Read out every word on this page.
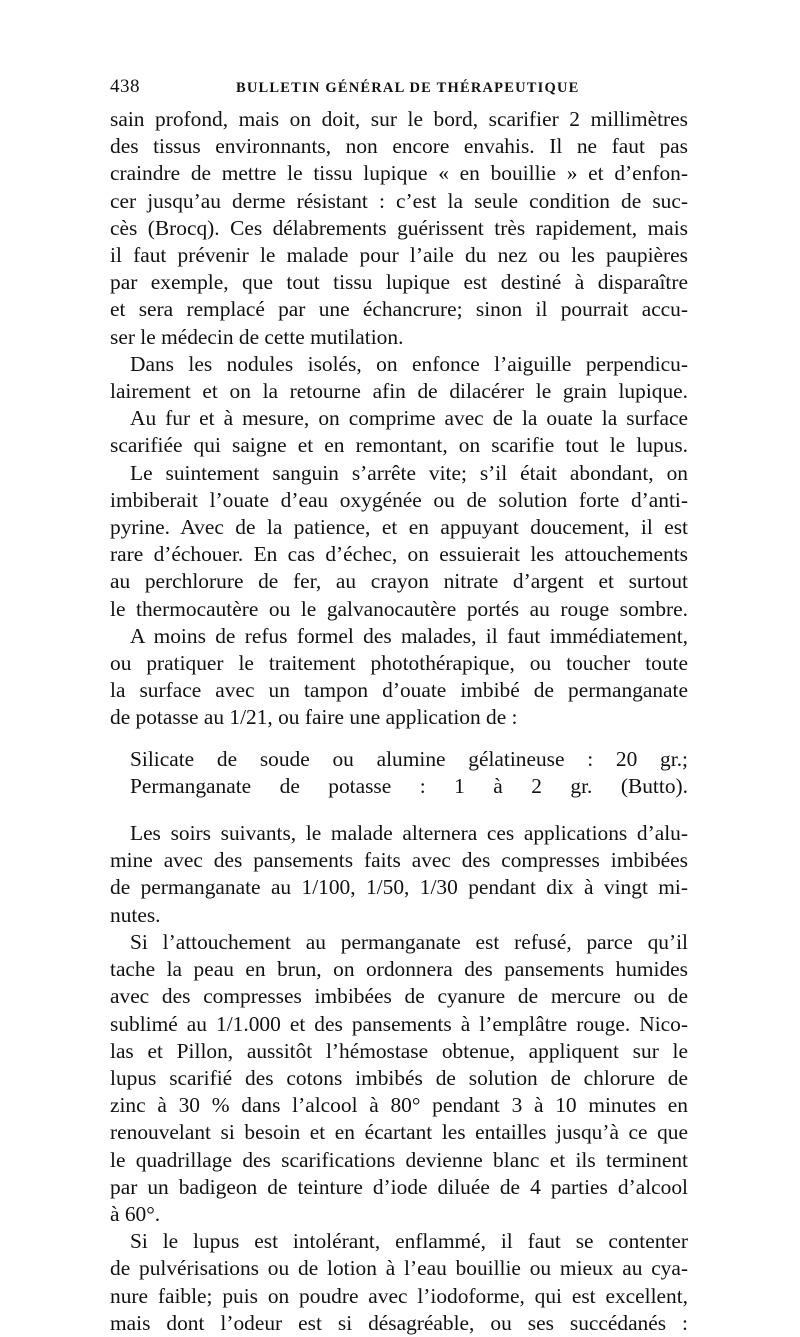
438	BULLETIN GÉNÉRAL DE THÉRAPEUTIQUE

sain profond, mais on doit, sur le bord, scarifier 2 millimètres
des tissus environnants, non encore envahis. Il ne faut pas
craindre de mettre le tissu lupique « en bouillie » et d’enfon-
cer jusqu’au derme résistant : c’est la seule condition de suc-
cès (Brocq). Ces délabrements guérissent très rapidement, mais
il faut prévenir le malade pour l’aile du nez ou les paupières
par exemple, que tout tissu lupique est destiné à disparaître
et sera remplacé par une échancrure; sinon il pourrait accu-
ser le médecin de cette mutilation.

Dans les nodules isolés, on enfonce l’aiguille perpendicu-
lairement et on la retourne afin de dilacérer le grain lupique.

Au fur et à mesure, on comprime avec de la ouate la surface
scarifiée qui saigne et en remontant, on scarifie tout le lupus.

Le suintement sanguin s’arrête vite; s’il était abondant, on
imbiberait l’ouate d’eau oxygénée ou de solution forte d’anti-
pyrine. Avec de la patience, et en appuyant doucement, il est
rare d’échouer. En cas d’échec, on essuierait les attouchements
au perchlorure de fer, au crayon nitrate d’argent et surtout
le thermocautère ou le galvanocautère portés au rouge sombre.

A moins de refus formel des malades, il faut immédiatement,
ou pratiquer le traitement photothérapique, ou toucher toute
la surface avec un tampon d’ouate imbibé de permanganate
de potasse au 1/21, ou faire une application de :

Silicate de soude ou alumine gélatineuse : 20 gr.;
Permanganate de potasse : 1 à 2 gr. (Butto).

Les soirs suivants, le malade alternera ces applications d’alu-
mine avec des pansements faits avec des compresses imbibées
de permanganate au 1/100, 1/50, 1/30 pendant dix à vingt mi-
nutes.

Si l’attouchement au permanganate est refusé, parce qu’il
tache la peau en brun, on ordonnera des pansements humides
avec des compresses imbibées de cyanure de mercure ou de
sublimé au 1/1.000 et des pansements à l’emplâtre rouge. Nico-
las et Pillon, aussitôt l’hémostase obtenue, appliquent sur le
lupus scarifié des cotons imbibés de solution de chlorure de
zinc à 30 % dans l’alcool à 80° pendant 3 à 10 minutes en
renouvelant si besoin et en écartant les entailles jusqu’à ce que
le quadrillage des scarifications devienne blanc et ils terminent
par un badigeon de teinture d’iode diluée de 4 parties d’alcool
à 60°.

Si le lupus est intolérant, enflammé, il faut se contenter
de pulvérisations ou de lotion à l’eau bouillie ou mieux au cya-
nure faible; puis on poudre avec l’iodoforme, qui est excellent,
mais dont l’odeur est si désagréable, ou ses succédanés :
